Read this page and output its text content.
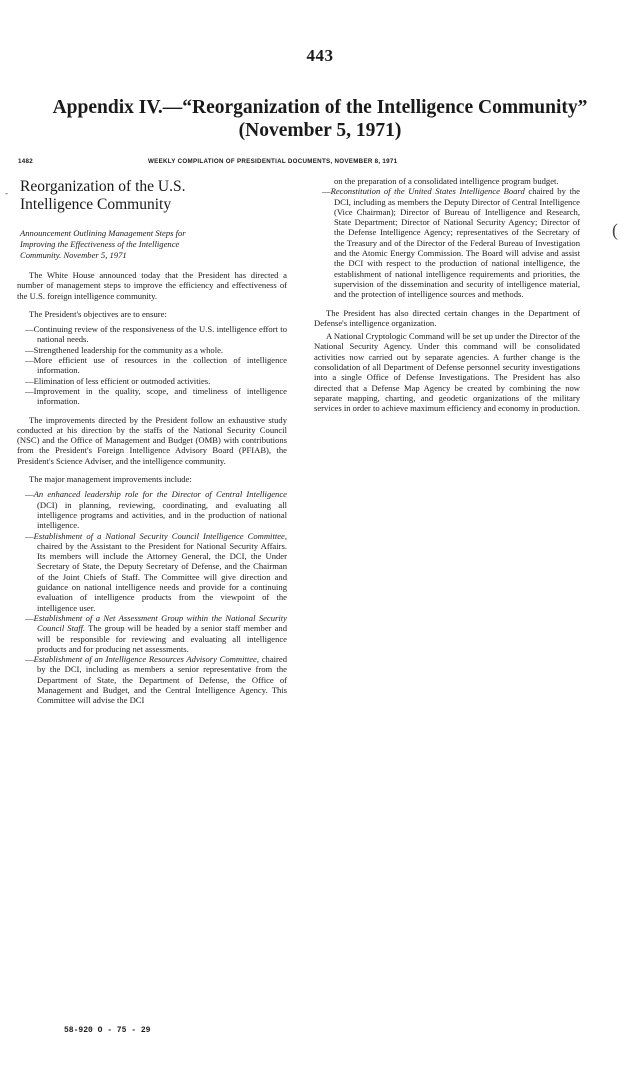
443
Appendix IV.—“Reorganization of the Intelligence Community”
(November 5, 1971)
1482	WEEKLY COMPILATION OF PRESIDENTIAL DOCUMENTS, NOVEMBER 8, 1971
-
(
Reorganization of the U.S.
Intelligence Community
Announcement Outlining Management Steps for
Improving the Effectiveness of the Intelligence
Community. November 5, 1971

The White House announced today that the President has directed a number of management steps to improve the efficiency and effectiveness of the U.S. foreign intelligence community.

The President's objectives are to ensure:

—Continuing review of the responsiveness of the U.S. intelligence effort to national needs.
—Strengthened leadership for the community as a whole.
—More efficient use of resources in the collection of intelligence information.
—Elimination of less efficient or outmoded activities.
—Improvement in the quality, scope, and timeliness of intelligence information.

The improvements directed by the President follow an exhaustive study conducted at his direction by the staffs of the National Security Council (NSC) and the Office of Management and Budget (OMB) with contributions from the President's Foreign Intelligence Advisory Board (PFIAB), the President's Science Adviser, and the intelligence community.

The major management improvements include:

—An enhanced leadership role for the Director of Central Intelligence (DCI) in planning, reviewing, coordinating, and evaluating all intelligence programs and activities, and in the production of national intelligence.
—Establishment of a National Security Council Intelligence Committee, chaired by the Assistant to the President for National Security Affairs. Its members will include the Attorney General, the DCI, the Under Secretary of State, the Deputy Secretary of Defense, and the Chairman of the Joint Chiefs of Staff. The Committee will give direction and guidance on national intelligence needs and provide for a continuing evaluation of intelligence products from the viewpoint of the intelligence user.
—Establishment of a Net Assessment Group within the National Security Council Staff. The group will be headed by a senior staff member and will be responsible for reviewing and evaluating all intelligence products and for producing net assessments.
—Establishment of an Intelligence Resources Advisory Committee, chaired by the DCI, including as members a senior representative from the Department of State, the Department of Defense, the Office of Management and Budget, and the Central Intelligence Agency. This Committee will advise the DCI
on the preparation of a consolidated intelligence program budget.
—Reconstitution of the United States Intelligence Board chaired by the DCI, including as members the Deputy Director of Central Intelligence (Vice Chairman); Director of Bureau of Intelligence and Research, State Department; Director of National Security Agency; Director of the Defense Intelligence Agency; representatives of the Secretary of the Treasury and of the Director of the Federal Bureau of Investigation and the Atomic Energy Commission. The Board will advise and assist the DCI with respect to the production of national intelligence, the establishment of national intelligence requirements and priorities, the supervision of the dissemination and security of intelligence material, and the protection of intelligence sources and methods.

The President has also directed certain changes in the Department of Defense's intelligence organization.

A National Cryptologic Command will be set up under the Director of the National Security Agency. Under this command will be consolidated activities now carried out by separate agencies. A further change is the consolidation of all Department of Defense personnel security investigations into a single Office of Defense Investigations. The President has also directed that a Defense Map Agency be created by combining the now separate mapping, charting, and geodetic organizations of the military services in order to achieve maximum efficiency and economy in production.

58-920 O - 75 - 29
